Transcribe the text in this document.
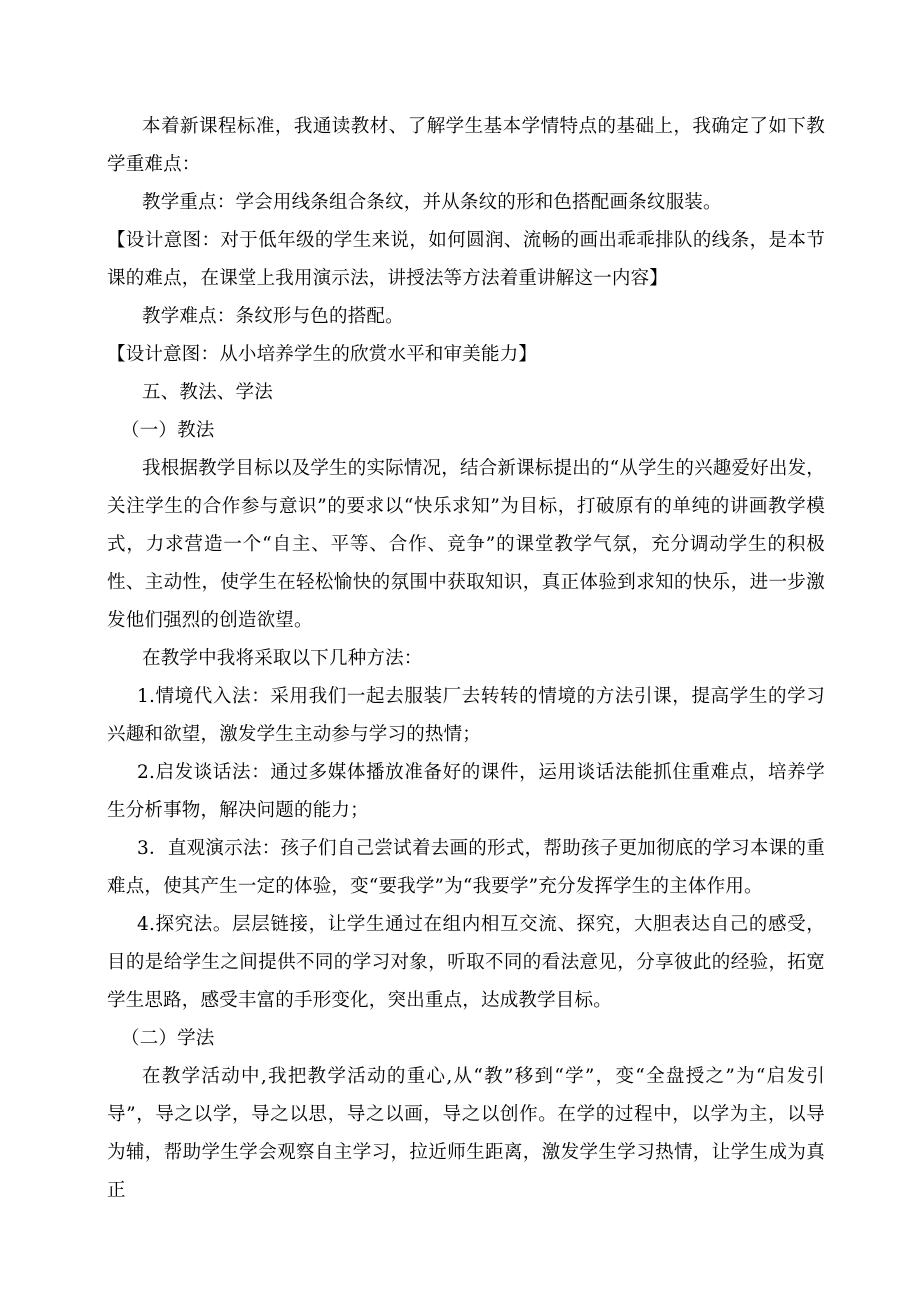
本着新课程标准，我通读教材、了解学生基本学情特点的基础上，我确定了如下教学重难点：

教学重点：学会用线条组合条纹，并从条纹的形和色搭配画条纹服装。

【设计意图：对于低年级的学生来说，如何圆润、流畅的画出乖乖排队的线条，是本节课的难点，在课堂上我用演示法，讲授法等方法着重讲解这一内容】

教学难点：条纹形与色的搭配。

【设计意图：从小培养学生的欣赏水平和审美能力】

五、教法、学法

（一）教法

我根据教学目标以及学生的实际情况，结合新课标提出的“从学生的兴趣爱好出发，关注学生的合作参与意识”的要求以“快乐求知”为目标，打破原有的单纯的讲画教学模式，力求营造一个“自主、平等、合作、竞争”的课堂教学气氛，充分调动学生的积极性、主动性，使学生在轻松愉快的氛围中获取知识，真正体验到求知的快乐，进一步激发他们强烈的创造欲望。

在教学中我将采取以下几种方法：

1.情境代入法：采用我们一起去服装厂去转转的情境的方法引课，提高学生的学习兴趣和欲望，激发学生主动参与学习的热情；

2.启发谈话法：通过多媒体播放准备好的课件，运用谈话法能抓住重难点，培养学生分析事物，解决问题的能力；

3．直观演示法：孩子们自己尝试着去画的形式，帮助孩子更加彻底的学习本课的重难点，使其产生一定的体验，变“要我学”为“我要学”充分发挥学生的主体作用。

4.探究法。层层链接，让学生通过在组内相互交流、探究，大胆表达自己的感受，目的是给学生之间提供不同的学习对象，听取不同的看法意见，分享彼此的经验，拓宽学生思路，感受丰富的手形变化，突出重点，达成教学目标。

（二）学法

在教学活动中,我把教学活动的重心,从“教”移到“学”，变“全盘授之”为“启发引导”，导之以学，导之以思，导之以画，导之以创作。在学的过程中，以学为主，以导为辅，帮助学生学会观察自主学习，拉近师生距离，激发学生学习热情，让学生成为真正
